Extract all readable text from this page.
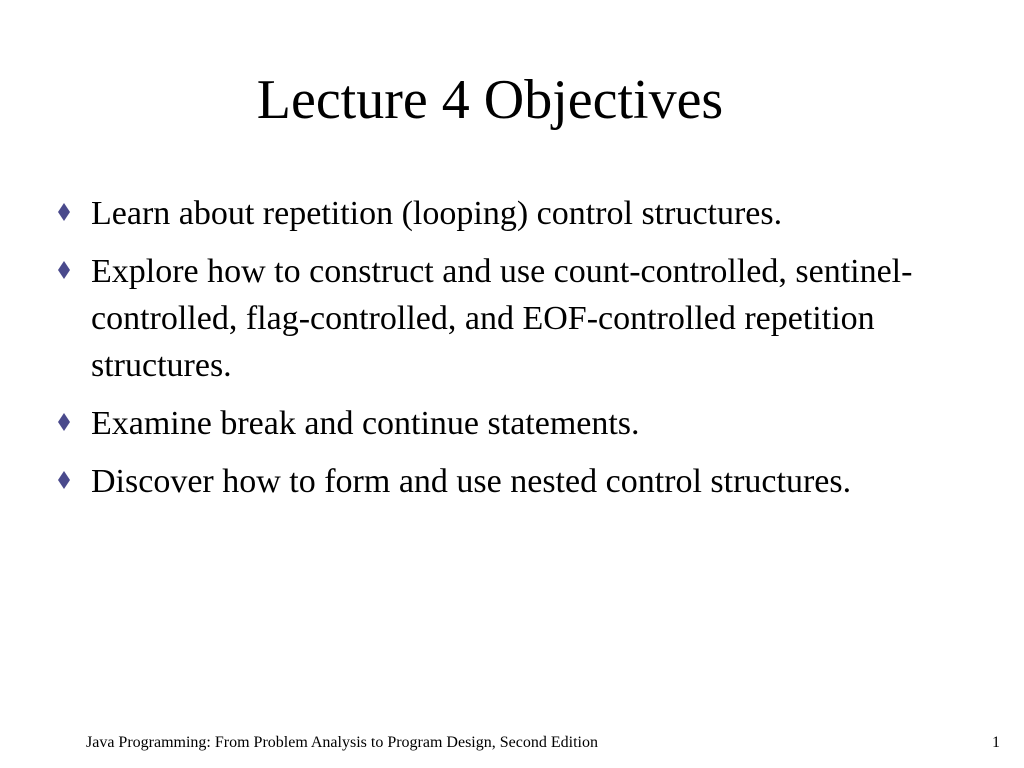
Lecture 4 Objectives
Learn about repetition (looping) control structures.
Explore how to construct and use count-controlled, sentinel-controlled, flag-controlled, and EOF-controlled repetition structures.
Examine break and continue statements.
Discover how to form and use nested control structures.
Java Programming: From Problem Analysis to Program Design, Second Edition	1
